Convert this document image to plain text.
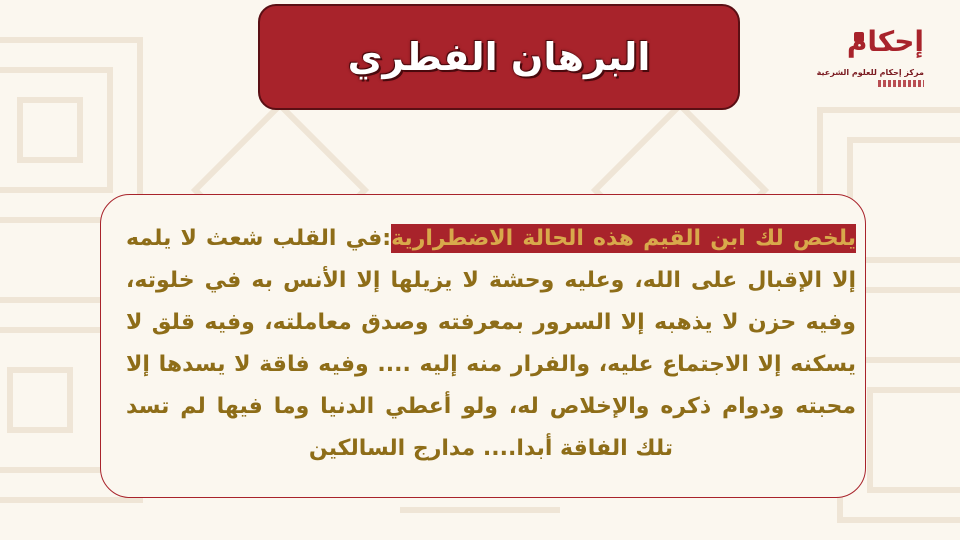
إحكام
مركز إحكام للعلوم الشرعية
البرهان الفطري

يلخص لك ابن القيم هذه الحالة الاضطرارية:في القلب شعث لا يلمه إلا الإقبال على الله، وعليه وحشة لا يزيلها إلا الأنس به في خلوته، وفيه حزن لا يذهبه إلا السرور بمعرفته وصدق معاملته، وفيه قلق لا يسكنه إلا الاجتماع عليه، والفرار منه إليه .... وفيه فاقة لا يسدها إلا محبته ودوام ذكره والإخلاص له، ولو أعطي الدنيا وما فيها لم تسد تلك الفاقة أبدا.... مدارج السالكين
